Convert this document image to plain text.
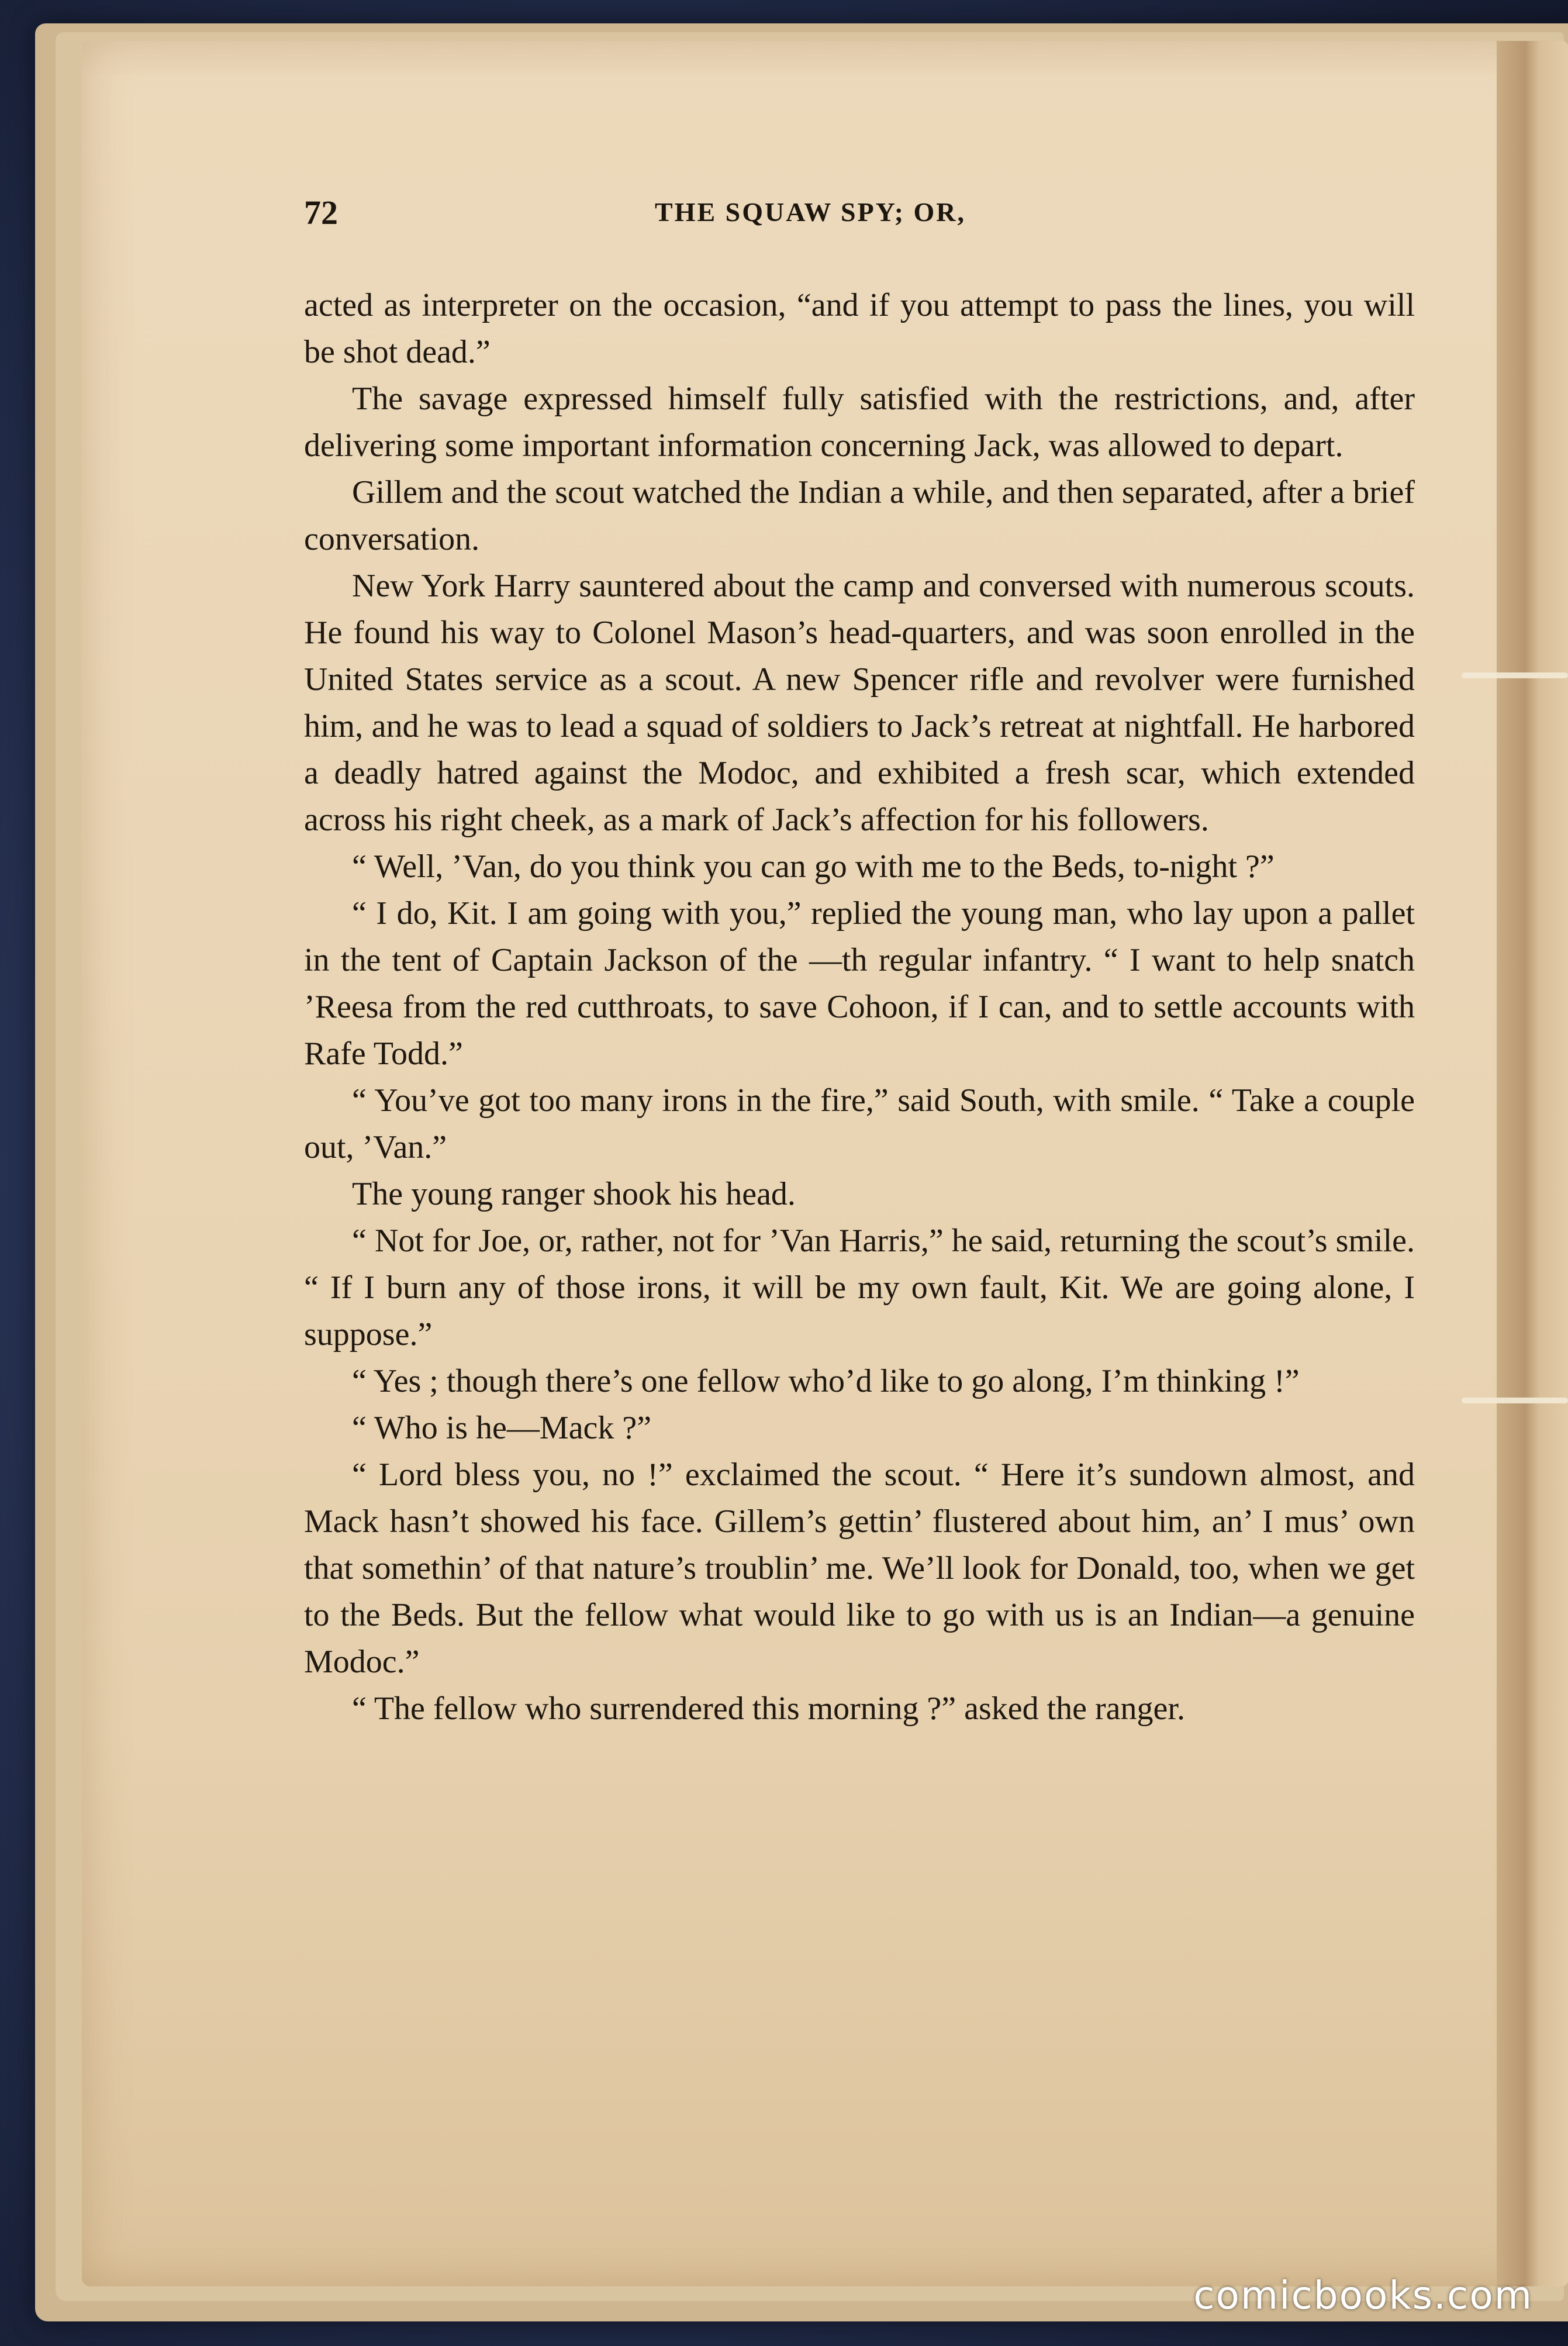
72	THE SQUAW SPY; OR,

acted as interpreter on the occasion, “and if you attempt to pass the lines, you will be shot dead.”

The savage expressed himself fully satisfied with the restrictions, and, after delivering some important information concerning Jack, was allowed to depart.

Gillem and the scout watched the Indian a while, and then separated, after a brief conversation.

New York Harry sauntered about the camp and conversed with numerous scouts. He found his way to Colonel Mason’s head-quarters, and was soon enrolled in the United States service as a scout. A new Spencer rifle and revolver were furnished him, and he was to lead a squad of soldiers to Jack’s retreat at nightfall. He harbored a deadly hatred against the Modoc, and exhibited a fresh scar, which extended across his right cheek, as a mark of Jack’s affection for his followers.

“ Well, ’Van, do you think you can go with me to the Beds, to-night ?”

“ I do, Kit. I am going with you,” replied the young man, who lay upon a pallet in the tent of Captain Jackson of the —th regular infantry. “ I want to help snatch ’Reesa from the red cutthroats, to save Cohoon, if I can, and to settle accounts with Rafe Todd.”

“ You’ve got too many irons in the fire,” said South, with smile. “ Take a couple out, ’Van.”

The young ranger shook his head.

“ Not for Joe, or, rather, not for ’Van Harris,” he said, returning the scout’s smile. “ If I burn any of those irons, it will be my own fault, Kit. We are going alone, I suppose.”

“ Yes ; though there’s one fellow who’d like to go along, I’m thinking !”

“ Who is he—Mack ?”

“ Lord bless you, no !” exclaimed the scout. “ Here it’s sundown almost, and Mack hasn’t showed his face. Gillem’s gettin’ flustered about him, an’ I mus’ own that somethin’ of that nature’s troublin’ me. We’ll look for Donald, too, when we get to the Beds. But the fellow what would like to go with us is an Indian—a genuine Modoc.”

“ The fellow who surrendered this morning ?” asked the ranger.

comicbooks.com
